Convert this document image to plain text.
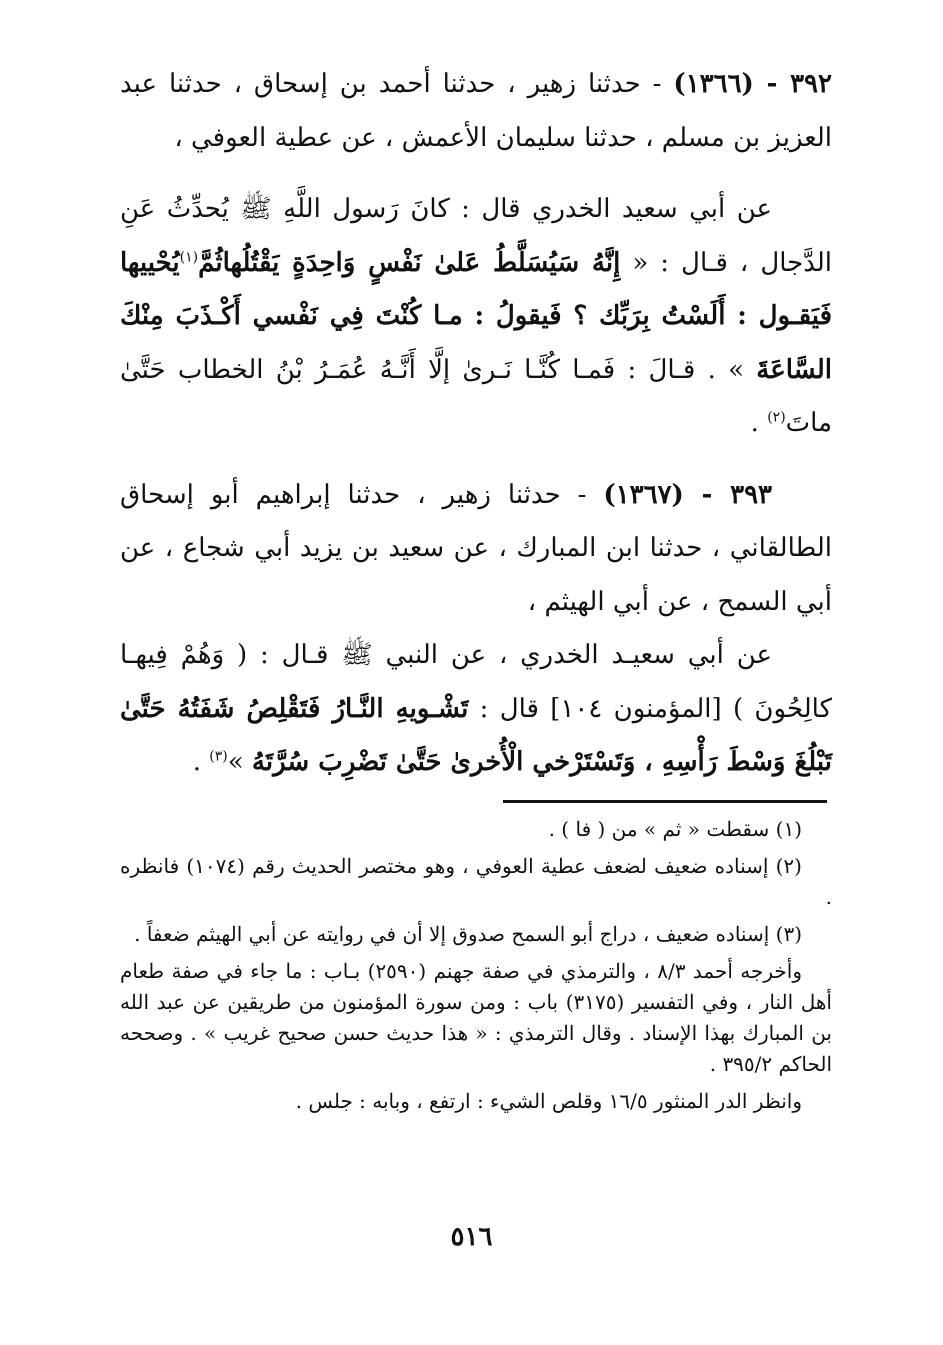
٣٩٢ - (١٣٦٦) - حدثنا زهير ، حدثنا أحمد بن إسحاق ، حدثنا عبد العزيز بن مسلم ، حدثنا سليمان الأعمش ، عن عطية العوفي ،

عن أبي سعيد الخدري قال : كانَ رَسول اللَّهِ ﷺ يُحدِّثُ عَنِ الدَّجال ، قـال : « إِنَّهُ سَيُسَلَّطُ عَلىٰ نَفْسٍ وَاحِدَةٍ يَقْتُلُهاثُمَّ$^{(١)}$يُحْييها فَيَقـول : أَلَسْتُ بِرَبِّك ؟ فَيقولُ : مـا كُنْتَ فِي نَفْسي أَكْـذَبَ مِنْكَ السَّاعَةَ » . قـالَ : فَمـا كُنَّـا نَـرىٰ إلَّا أَنَّـهُ عُمَـرُ بْنُ الخطاب حَتَّىٰ ماتَ$^{(٢)}$ .

٣٩٣ - (١٣٦٧) - حدثنا زهير ، حدثنا إبراهيم أبو إسحاق الطالقاني ، حدثنا ابن المبارك ، عن سعيد بن يزيد أبي شجاع ، عن أبي السمح ، عن أبي الهيثم ،

عن أبي سعيـد الخدري ، عن النبي ﷺ قـال : ( وَهُمْ فِيهـا كالِحُونَ ) [المؤمنون ١٠٤] قال : تَشْـويهِ النَّـارُ فَتَقْلِصُ شَفَتُهُ حَتَّىٰ تَبْلُغَ وَسْطَ رَأْسِهِ ، وَتَسْتَرْخي الْأُخرىٰ حَتَّىٰ تَضْرِبَ سُرَّتَهُ »$^{(٣)}$ .

(١) سقطت « ثم » من ( فا ) .

(٢) إسناده ضعيف لضعف عطية العوفي ، وهو مختصر الحديث رقم (١٠٧٤) فانظره .

(٣) إسناده ضعيف ، دراج أبو السمح صدوق إلا أن في روايته عن أبي الهيثم ضعفاً .

وأخرجه أحمد ٨/٣ ، والترمذي في صفة جهنم (٢٥٩٠) بـاب : ما جاء في صفة طعام أهل النار ، وفي التفسير (٣١٧٥) باب : ومن سورة المؤمنون من طريقين عن عبد الله بن المبارك بهذا الإسناد . وقال الترمذي : « هذا حديث حسن صحيح غريب » . وصححه الحاكم ٣٩٥/٢ .

وانظر الدر المنثور ١٦/٥ وقلص الشيء : ارتفع ، وبابه : جلس .

٥١٦
